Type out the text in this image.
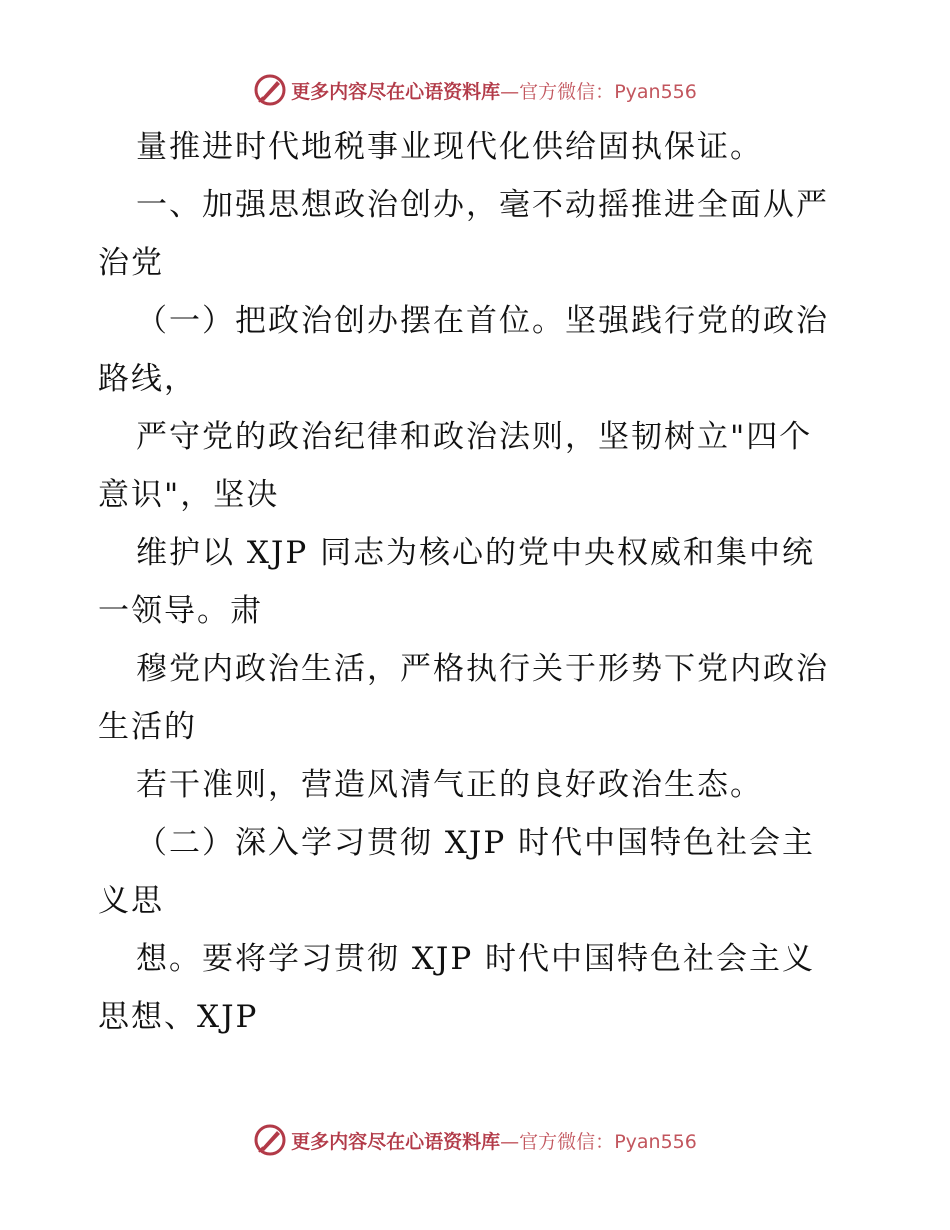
更多内容尽在心语资料库—官方微信：Pyan556
量推进时代地税事业现代化供给固执保证。
一、加强思想政治创办，毫不动摇推进全面从严
治党
（一）把政治创办摆在首位。坚强践行党的政治
路线，
严守党的政治纪律和政治法则，坚韧树立"四个
意识"，坚决
维护以 XJP 同志为核心的党中央权威和集中统
一领导。肃
穆党内政治生活，严格执行关于形势下党内政治
生活的
若干准则，营造风清气正的良好政治生态。
（二）深入学习贯彻 XJP 时代中国特色社会主
义思
想。要将学习贯彻 XJP 时代中国特色社会主义
思想、XJP
更多内容尽在心语资料库—官方微信：Pyan556
